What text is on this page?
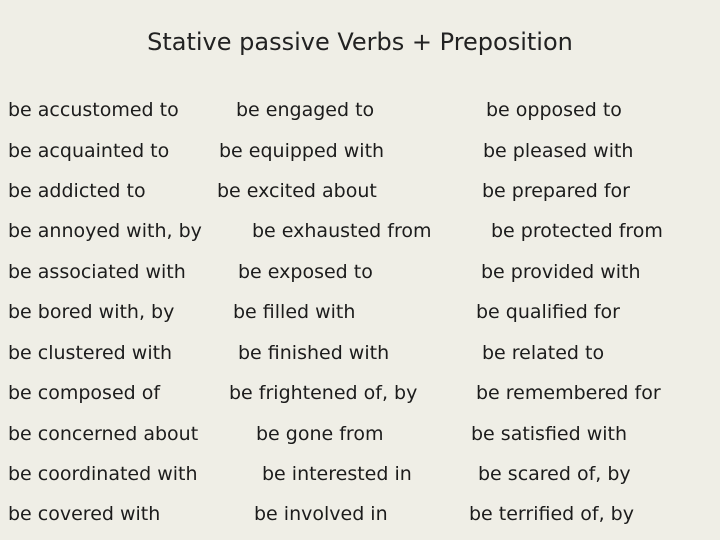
Stative passive Verbs + Preposition
be accustomed to	be engaged to	be opposed to
be acquainted to	be equipped with	be pleased with
be addicted to	be excited about	be prepared for
be annoyed with, by	be exhausted from	be protected from
be associated with	be exposed to	be provided with
be bored with, by	be filled with	be qualified for
be clustered with	be finished with	be related to
be composed of	be frightened of, by	be remembered for
be concerned about	be gone from	be satisfied with
be coordinated with	be interested in	be scared of, by
be covered with	be involved in	be terrified of, by
